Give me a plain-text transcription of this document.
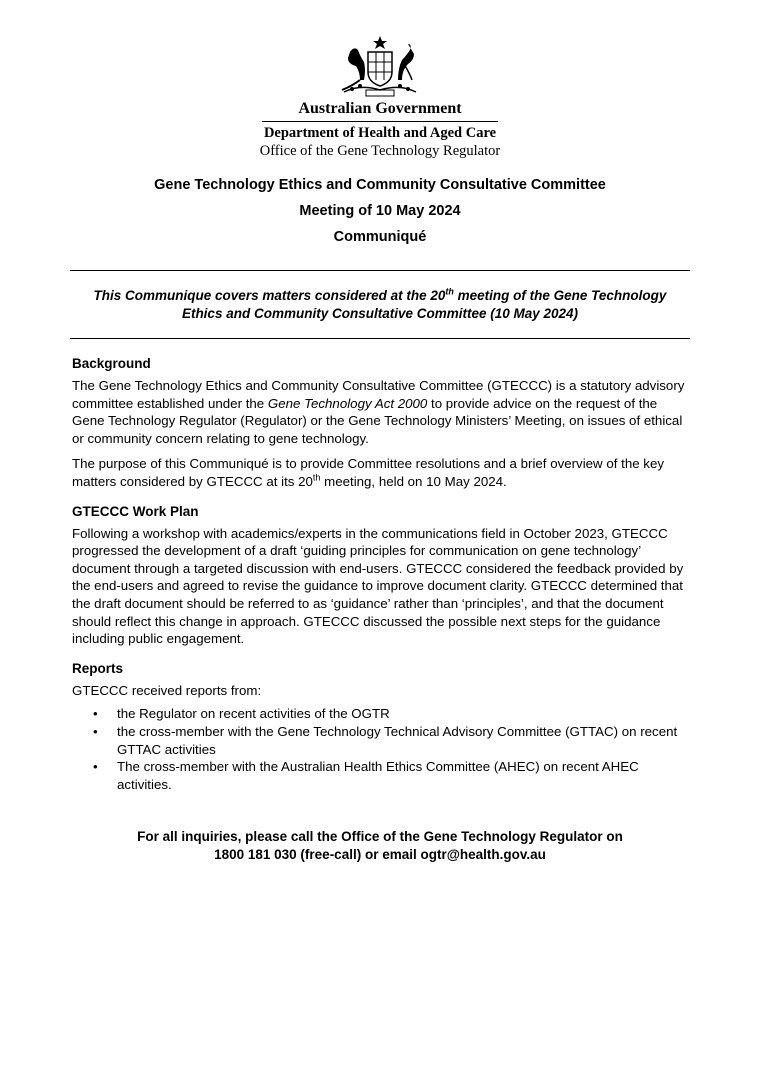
Australian Government
Department of Health and Aged Care
Office of the Gene Technology Regulator
Gene Technology Ethics and Community Consultative Committee
Meeting of 10 May 2024
Communiqué
This Communique covers matters considered at the 20th meeting of the Gene Technology
Ethics and Community Consultative Committee (10 May 2024)
Background

The Gene Technology Ethics and Community Consultative Committee (GTECCC) is a statutory advisory committee established under the Gene Technology Act 2000 to provide advice on the request of the Gene Technology Regulator (Regulator) or the Gene Technology Ministers’ Meeting, on issues of ethical or community concern relating to gene technology.

The purpose of this Communiqué is to provide Committee resolutions and a brief overview of the key matters considered by GTECCC at its 20th meeting, held on 10 May 2024.

GTECCC Work Plan

Following a workshop with academics/experts in the communications field in October 2023, GTECCC progressed the development of a draft ‘guiding principles for communication on gene technology’ document through a targeted discussion with end-users. GTECCC considered the feedback provided by the end-users and agreed to revise the guidance to improve document clarity. GTECCC determined that the draft document should be referred to as ‘guidance’ rather than ‘principles’, and that the document should reflect this change in approach. GTECCC discussed the possible next steps for the guidance including public engagement.

Reports

GTECCC received reports from:

• the Regulator on recent activities of the OGTR
• the cross-member with the Gene Technology Technical Advisory Committee (GTTAC) on recent GTTAC activities
• The cross-member with the Australian Health Ethics Committee (AHEC) on recent AHEC activities.
For all inquiries, please call the Office of the Gene Technology Regulator on
1800 181 030 (free-call) or email ogtr@health.gov.au
